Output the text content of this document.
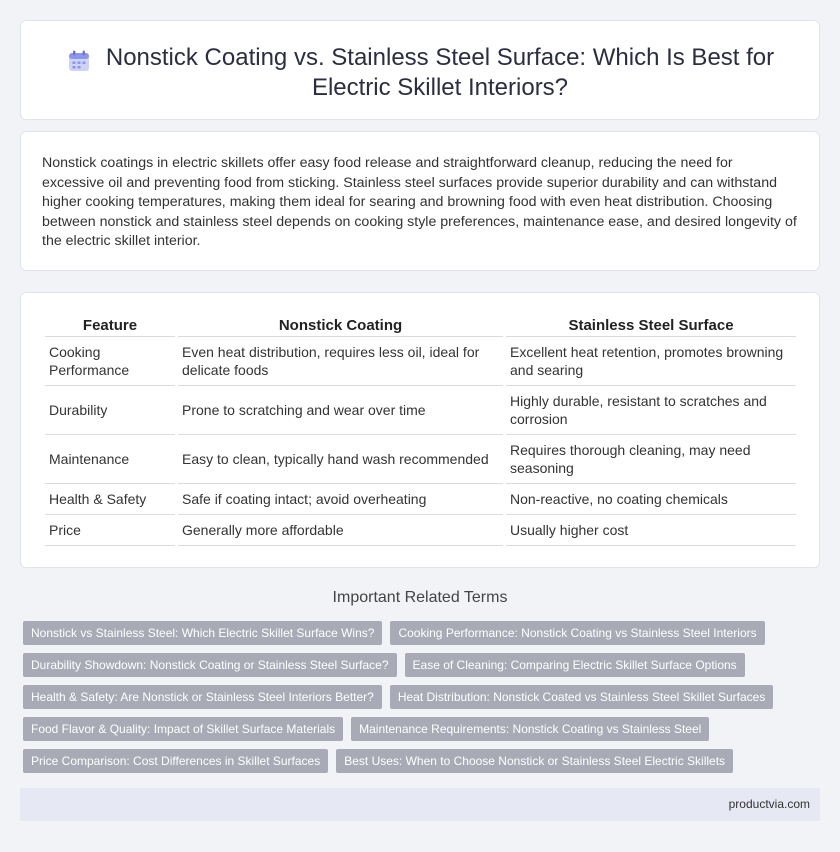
Nonstick Coating vs. Stainless Steel Surface: Which Is Best for Electric Skillet Interiors?

Nonstick coatings in electric skillets offer easy food release and straightforward cleanup, reducing the need for excessive oil and preventing food from sticking. Stainless steel surfaces provide superior durability and can withstand higher cooking temperatures, making them ideal for searing and browning food with even heat distribution. Choosing between nonstick and stainless steel depends on cooking style preferences, maintenance ease, and desired longevity of the electric skillet interior.

Feature	Nonstick Coating	Stainless Steel Surface
Cooking Performance	Even heat distribution, requires less oil, ideal for delicate foods	Excellent heat retention, promotes browning and searing
Durability	Prone to scratching and wear over time	Highly durable, resistant to scratches and corrosion
Maintenance	Easy to clean, typically hand wash recommended	Requires thorough cleaning, may need seasoning
Health & Safety	Safe if coating intact; avoid overheating	Non-reactive, no coating chemicals
Price	Generally more affordable	Usually higher cost
Important Related Terms
Nonstick vs Stainless Steel: Which Electric Skillet Surface Wins?	Cooking Performance: Nonstick Coating vs Stainless Steel Interiors
Durability Showdown: Nonstick Coating or Stainless Steel Surface?	Ease of Cleaning: Comparing Electric Skillet Surface Options
Health & Safety: Are Nonstick or Stainless Steel Interiors Better?	Heat Distribution: Nonstick Coated vs Stainless Steel Skillet Surfaces
Food Flavor & Quality: Impact of Skillet Surface Materials	Maintenance Requirements: Nonstick Coating vs Stainless Steel
Price Comparison: Cost Differences in Skillet Surfaces	Best Uses: When to Choose Nonstick or Stainless Steel Electric Skillets
productvia.com
